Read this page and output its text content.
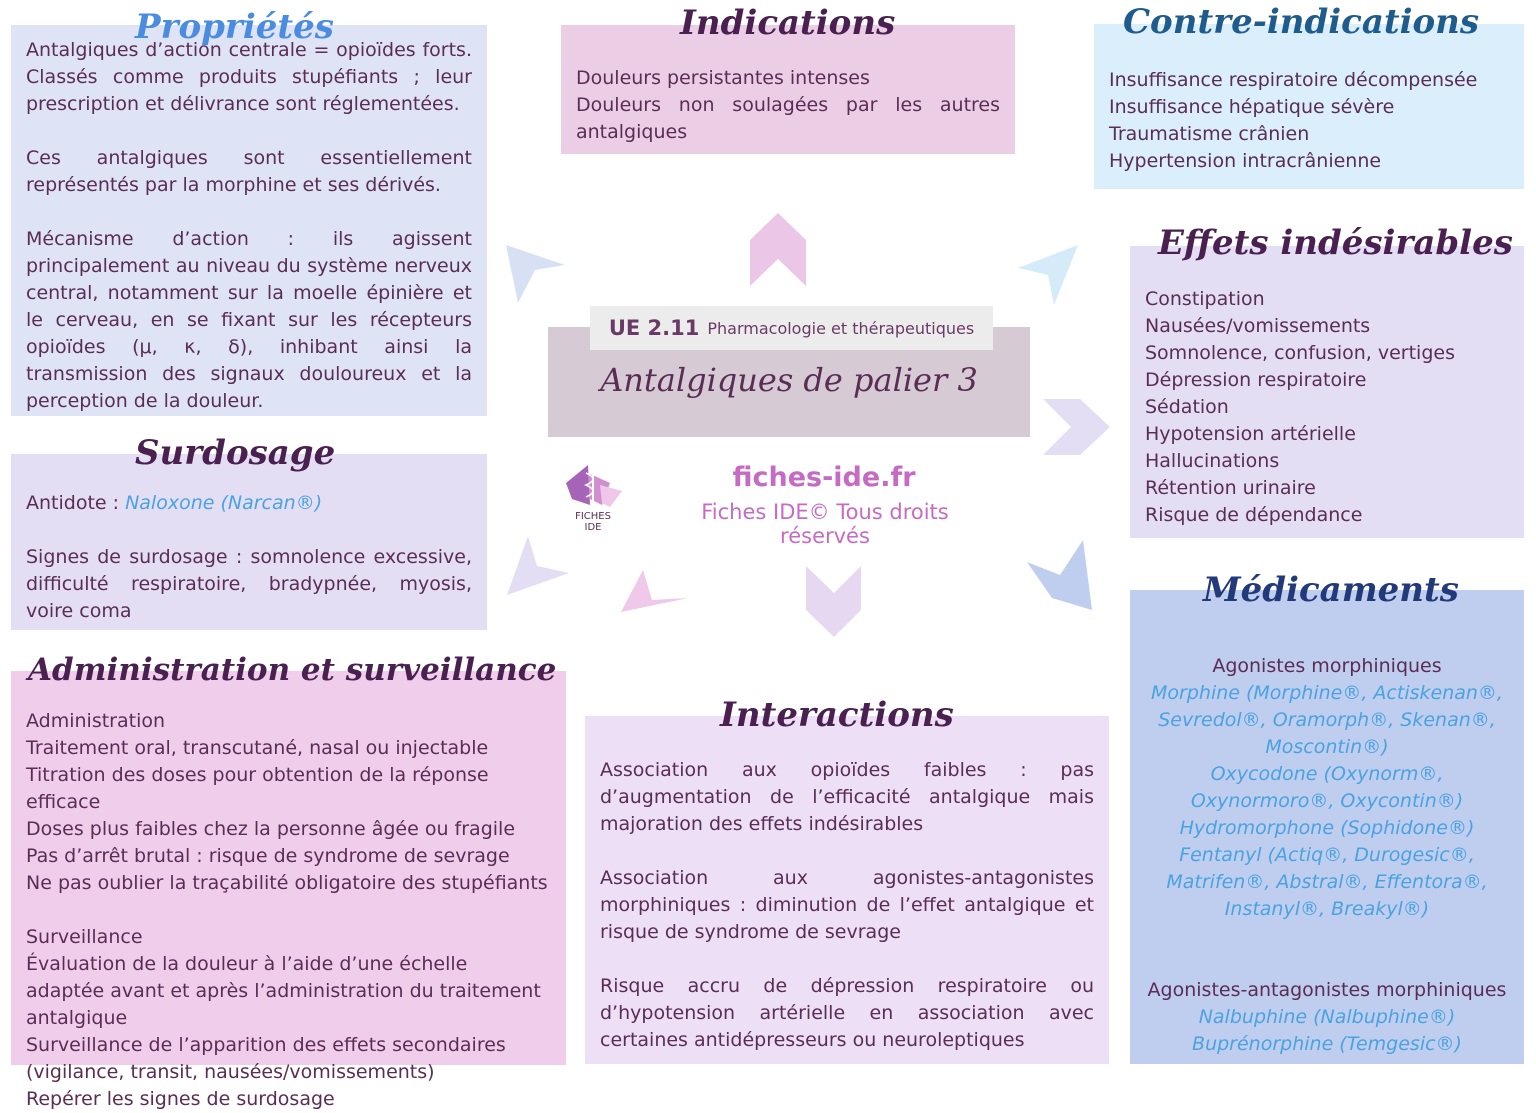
Antalgiques d’action centrale = opioïdes forts. Classés comme produits stupéfiants ; leur prescription et délivrance sont réglementées.

Ces antalgiques sont essentiellement représentés par la morphine et ses dérivés.

Mécanisme d’action : ils agissent principalement au niveau du système nerveux central, notamment sur la moelle épinière et le cerveau, en se fixant sur les récepteurs opioïdes (μ, κ, δ), inhibant ainsi la transmission des signaux douloureux et la perception de la douleur.

Propriétés

Douleurs persistantes intenses

Douleurs non soulagées par les autres antalgiques

Indications

Insuffisance respiratoire décompensée

Insuffisance hépatique sévère

Traumatisme crânien

Hypertension intracrânienne

Contre-indications

Constipation

Nausées/vomissements

Somnolence, confusion, vertiges

Dépression respiratoire

Sédation

Hypotension artérielle

Hallucinations

Rétention urinaire

Risque de dépendance

Effets indésirables
UE 2.11 Pharmacologie et thérapeutiques
Antalgiques de palier 3
FICHES
IDE
fiches-ide.fr
Fiches IDE© Tous droits réservés

Antidote : Naloxone (Narcan®)

Signes de surdosage : somnolence excessive, difficulté respiratoire, bradypnée, myosis, voire coma

Surdosage

Administration

Traitement oral, transcutané, nasal ou injectable

Titration des doses pour obtention de la réponse efficace

Doses plus faibles chez la personne âgée ou fragile

Pas d’arrêt brutal : risque de syndrome de sevrage

Ne pas oublier la traçabilité obligatoire des stupéfiants

Surveillance

Évaluation de la douleur à l’aide d’une échelle adaptée avant et après l’administration du traitement antalgique

Surveillance de l’apparition des effets secondaires (vigilance, transit, nausées/vomissements)

Repérer les signes de surdosage

Administration et surveillance

Association aux opioïdes faibles : pas d’augmentation de l’efficacité antalgique mais majoration des effets indésirables

Association aux agonistes-antagonistes morphiniques : diminution de l’effet antalgique et risque de syndrome de sevrage

Risque accru de dépression respiratoire ou d’hypotension artérielle en association avec certaines antidépresseurs ou neuroleptiques

Interactions

Agonistes morphiniques

Morphine (Morphine®, Actiskenan®, Sevredol®, Oramorph®, Skenan®, Moscontin®)

Oxycodone (Oxynorm®, Oxynormoro®, Oxycontin®)

Hydromorphone (Sophidone®)

Fentanyl (Actiq®, Durogesic®, Matrifen®, Abstral®, Effentora®, Instanyl®, Breakyl®)

Agonistes-antagonistes morphiniques

Nalbuphine (Nalbuphine®)

Buprénorphine (Temgesic®)

Médicaments
